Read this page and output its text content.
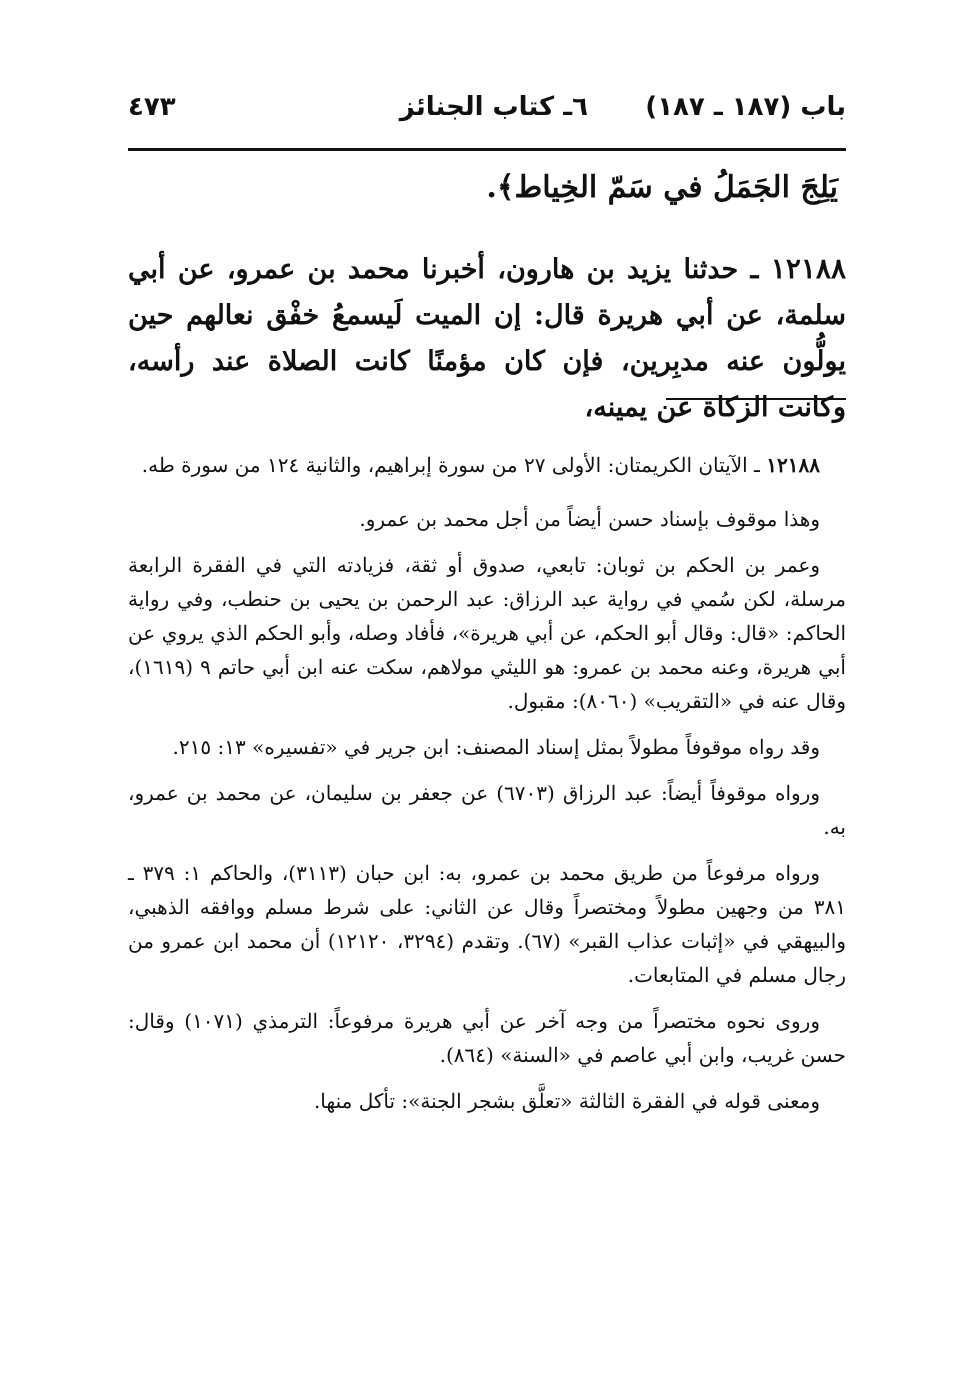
باب (١٨٧ ـ ١٨٧)
٦ـ كتاب الجنائز
٤٧٣
يَلِجَ الجَمَلُ في سَمّ الخِياط﴾.
١٢١٨٨ ـ حدثنا يزيد بن هارون، أخبرنا محمد بن عمرو، عن أبي سلمة، عن أبي هريرة قال: إن الميت لَيسمعُ خفْق نعالهم حين يولُّون عنه مدبِرين، فإن كان مؤمنًا كانت الصلاة عند رأسه، وكانت الزكاة عن يمينه،

١٢١٨٨ ـ الآيتان الكريمتان: الأولى ٢٧ من سورة إبراهيم، والثانية ١٢٤ من سورة طه.

وهذا موقوف بإسناد حسن أيضاً من أجل محمد بن عمرو.

وعمر بن الحكم بن ثوبان: تابعي، صدوق أو ثقة، فزيادته التي في الفقرة الرابعة مرسلة، لكن سُمي في رواية عبد الرزاق: عبد الرحمن بن يحيى بن حنطب، وفي رواية الحاكم: «قال: وقال أبو الحكم، عن أبي هريرة»، فأفاد وصله، وأبو الحكم الذي يروي عن أبي هريرة، وعنه محمد بن عمرو: هو الليثي مولاهم، سكت عنه ابن أبي حاتم ٩ (١٦١٩)، وقال عنه في «التقريب» (٨٠٦٠): مقبول.

وقد رواه موقوفاً مطولاً بمثل إسناد المصنف: ابن جرير في «تفسيره» ١٣: ٢١٥.

ورواه موقوفاً أيضاً: عبد الرزاق (٦٧٠٣) عن جعفر بن سليمان، عن محمد بن عمرو، به.

ورواه مرفوعاً من طريق محمد بن عمرو، به: ابن حبان (٣١١٣)، والحاكم ١: ٣٧٩ ـ ٣٨١ من وجهين مطولاً ومختصراً وقال عن الثاني: على شرط مسلم ووافقه الذهبي، والبيهقي في «إثبات عذاب القبر» (٦٧). وتقدم (٣٢٩٤، ١٢١٢٠) أن محمد ابن عمرو من رجال مسلم في المتابعات.

وروى نحوه مختصراً من وجه آخر عن أبي هريرة مرفوعاً: الترمذي (١٠٧١) وقال: حسن غريب، وابن أبي عاصم في «السنة» (٨٦٤).

ومعنى قوله في الفقرة الثالثة «تعلَّق بشجر الجنة»: تأكل منها.
